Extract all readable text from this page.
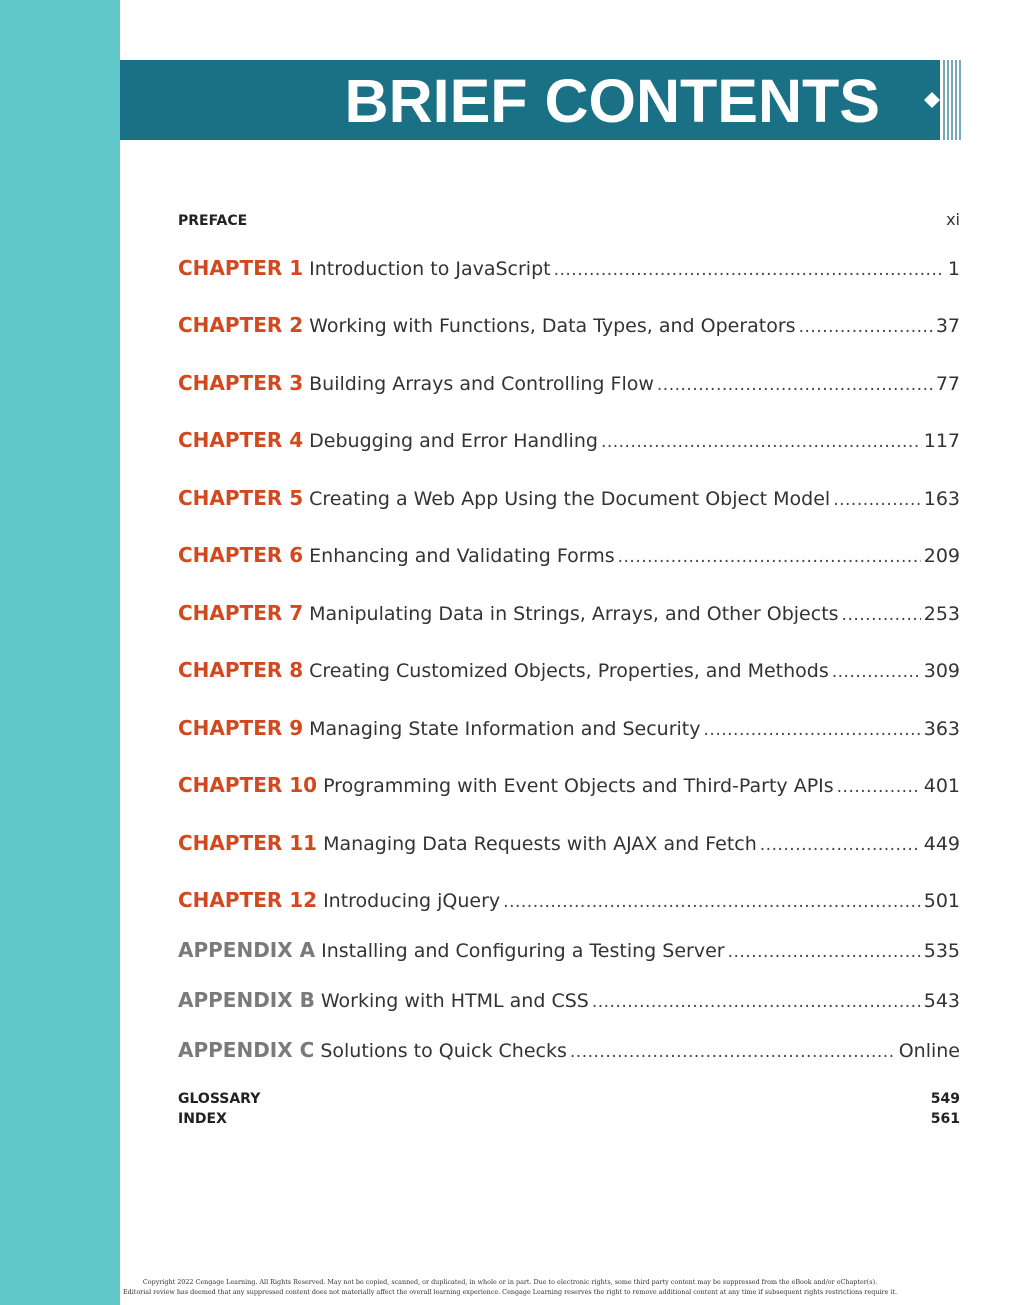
BRIEF CONTENTS
PREFACE	xi
CHAPTER 1 Introduction to JavaScript .....	1
CHAPTER 2 Working with Functions, Data Types, and Operators .....	37
CHAPTER 3 Building Arrays and Controlling Flow .....	77
CHAPTER 4 Debugging and Error Handling .....	117
CHAPTER 5 Creating a Web App Using the Document Object Model .....	163
CHAPTER 6 Enhancing and Validating Forms .....	209
CHAPTER 7 Manipulating Data in Strings, Arrays, and Other Objects .....	253
CHAPTER 8 Creating Customized Objects, Properties, and Methods .....	309
CHAPTER 9 Managing State Information and Security .....	363
CHAPTER 10 Programming with Event Objects and Third-Party APIs .....	401
CHAPTER 11 Managing Data Requests with AJAX and Fetch .....	449
CHAPTER 12 Introducing jQuery .....	501
APPENDIX A Installing and Configuring a Testing Server .....	535
APPENDIX B Working with HTML and CSS .....	543
APPENDIX C Solutions to Quick Checks .....	Online
GLOSSARY	549
INDEX	561
Copyright 2022 Cengage Learning. All Rights Reserved. May not be copied, scanned, or duplicated, in whole or in part. Due to electronic rights, some third party content may be suppressed from the eBook and/or eChapter(s).
Editorial review has deemed that any suppressed content does not materially affect the overall learning experience. Cengage Learning reserves the right to remove additional content at any time if subsequent rights restrictions require it.
